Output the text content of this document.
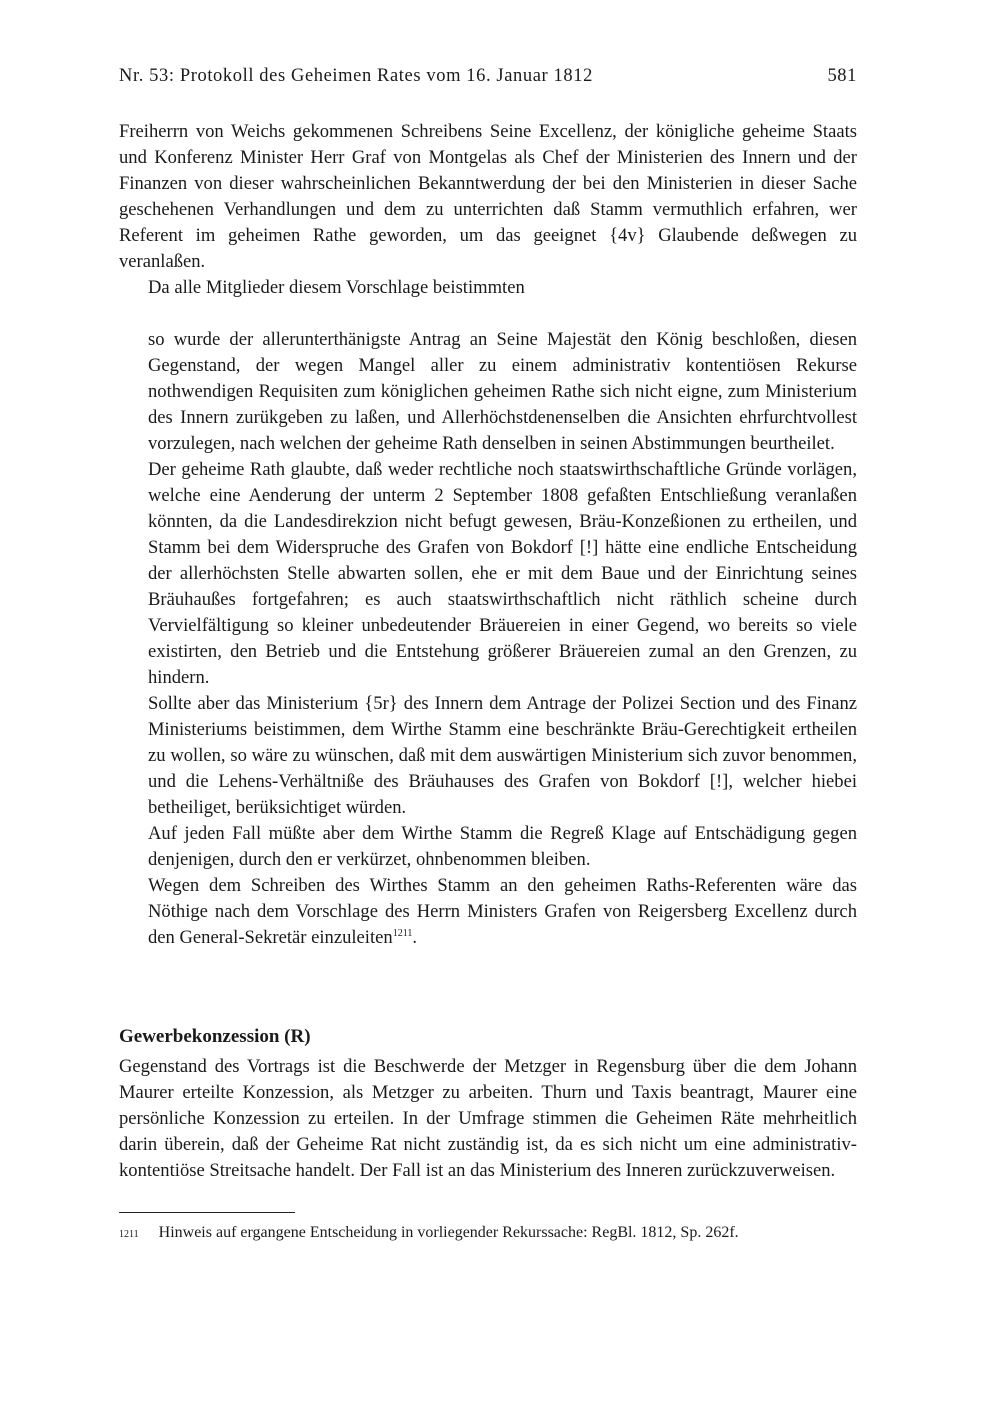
Nr. 53: Protokoll des Geheimen Rates vom 16. Januar 1812	581

Freiherrn von Weichs gekommenen Schreibens Seine Excellenz, der königliche geheime Staats und Konferenz Minister Herr Graf von Montgelas als Chef der Ministerien des Innern und der Finanzen von dieser wahrscheinlichen Bekanntwerdung der bei den Ministerien in dieser Sache geschehenen Verhandlungen und dem zu unterrichten daß Stamm vermuthlich erfahren, wer Referent im geheimen Rathe geworden, um das geeignet {4v} Glaubende deßwegen zu veranlaßen.

Da alle Mitglieder diesem Vorschlage beistimmten

so wurde der allerunterthänigste Antrag an Seine Majestät den König beschloßen, diesen Gegenstand, der wegen Mangel aller zu einem administrativ kontentiösen Rekurse nothwendigen Requisiten zum königlichen geheimen Rathe sich nicht eigne, zum Ministerium des Innern zurükgeben zu laßen, und Allerhöchstdenenselben die Ansichten ehrfurchtvollest vorzulegen, nach welchen der geheime Rath denselben in seinen Abstimmungen beurtheilet.

Der geheime Rath glaubte, daß weder rechtliche noch staatswirthschaftliche Gründe vorlägen, welche eine Aenderung der unterm 2 September 1808 gefaßten Entschließung veranlaßen könnten, da die Landesdirekzion nicht befugt gewesen, Bräu-Konzeßionen zu ertheilen, und Stamm bei dem Widerspruche des Grafen von Bokdorf [!] hätte eine endliche Entscheidung der allerhöchsten Stelle abwarten sollen, ehe er mit dem Baue und der Einrichtung seines Bräuhaußes fortgefahren; es auch staatswirthschaftlich nicht räthlich scheine durch Vervielfältigung so kleiner unbedeutender Bräuereien in einer Gegend, wo bereits so viele existirten, den Betrieb und die Entstehung größerer Bräuereien zumal an den Grenzen, zu hindern.

Sollte aber das Ministerium {5r} des Innern dem Antrage der Polizei Section und des Finanz Ministeriums beistimmen, dem Wirthe Stamm eine beschränkte Bräu-Gerechtigkeit ertheilen zu wollen, so wäre zu wünschen, daß mit dem auswärtigen Ministerium sich zuvor benommen, und die Lehens-Verhältniße des Bräuhauses des Grafen von Bokdorf [!], welcher hiebei betheiliget, berüksichtiget würden.

Auf jeden Fall müßte aber dem Wirthe Stamm die Regreß Klage auf Entschädigung gegen denjenigen, durch den er verkürzet, ohnbenommen bleiben.

Wegen dem Schreiben des Wirthes Stamm an den geheimen Raths-Referenten wäre das Nöthige nach dem Vorschlage des Herrn Ministers Grafen von Reigersberg Excellenz durch den General-Sekretär einzuleiten$^{1211}$.

Gewerbekonzession (R)

Gegenstand des Vortrags ist die Beschwerde der Metzger in Regensburg über die dem Johann Maurer erteilte Konzession, als Metzger zu arbeiten. Thurn und Taxis beantragt, Maurer eine persönliche Konzession zu erteilen. In der Umfrage stimmen die Geheimen Räte mehrheitlich darin überein, daß der Geheime Rat nicht zuständig ist, da es sich nicht um eine administrativ-kontentiöse Streitsache handelt. Der Fall ist an das Ministerium des Inneren zurückzuverweisen.

$^{1211}$ Hinweis auf ergangene Entscheidung in vorliegender Rekurssache: RegBl. 1812, Sp. 262f.
